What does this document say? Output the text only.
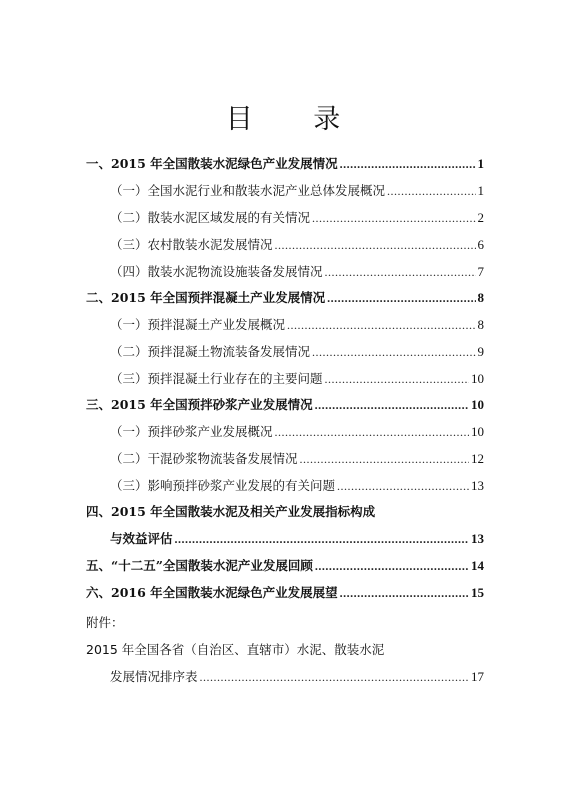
目 录
一、2015 年全国散装水泥绿色产业发展情况 .....	1
（一）全国水泥行业和散装水泥产业总体发展概况 .....	1
（二）散装水泥区域发展的有关情况 .....	2
（三）农村散装水泥发展情况 .....	6
（四）散装水泥物流设施装备发展情况 .....	7
二、2015 年全国预拌混凝土产业发展情况 .....	8
（一）预拌混凝土产业发展概况 .....	8
（二）预拌混凝土物流装备发展情况 .....	9
（三）预拌混凝土行业存在的主要问题 .....	10
三、2015 年全国预拌砂浆产业发展情况 .....	10
（一）预拌砂浆产业发展概况 .....	10
（二）干混砂浆物流装备发展情况 .....	12
（三）影响预拌砂浆产业发展的有关问题 .....	13
四、2015 年全国散装水泥及相关产业发展指标构成
与效益评估 .....	13
五、“十二五”全国散装水泥产业发展回顾 .....	14
六、2016 年全国散装水泥绿色产业发展展望 .....	15
附件：
2015 年全国各省（自治区、直辖市）水泥、散装水泥
发展情况排序表 .....	17
